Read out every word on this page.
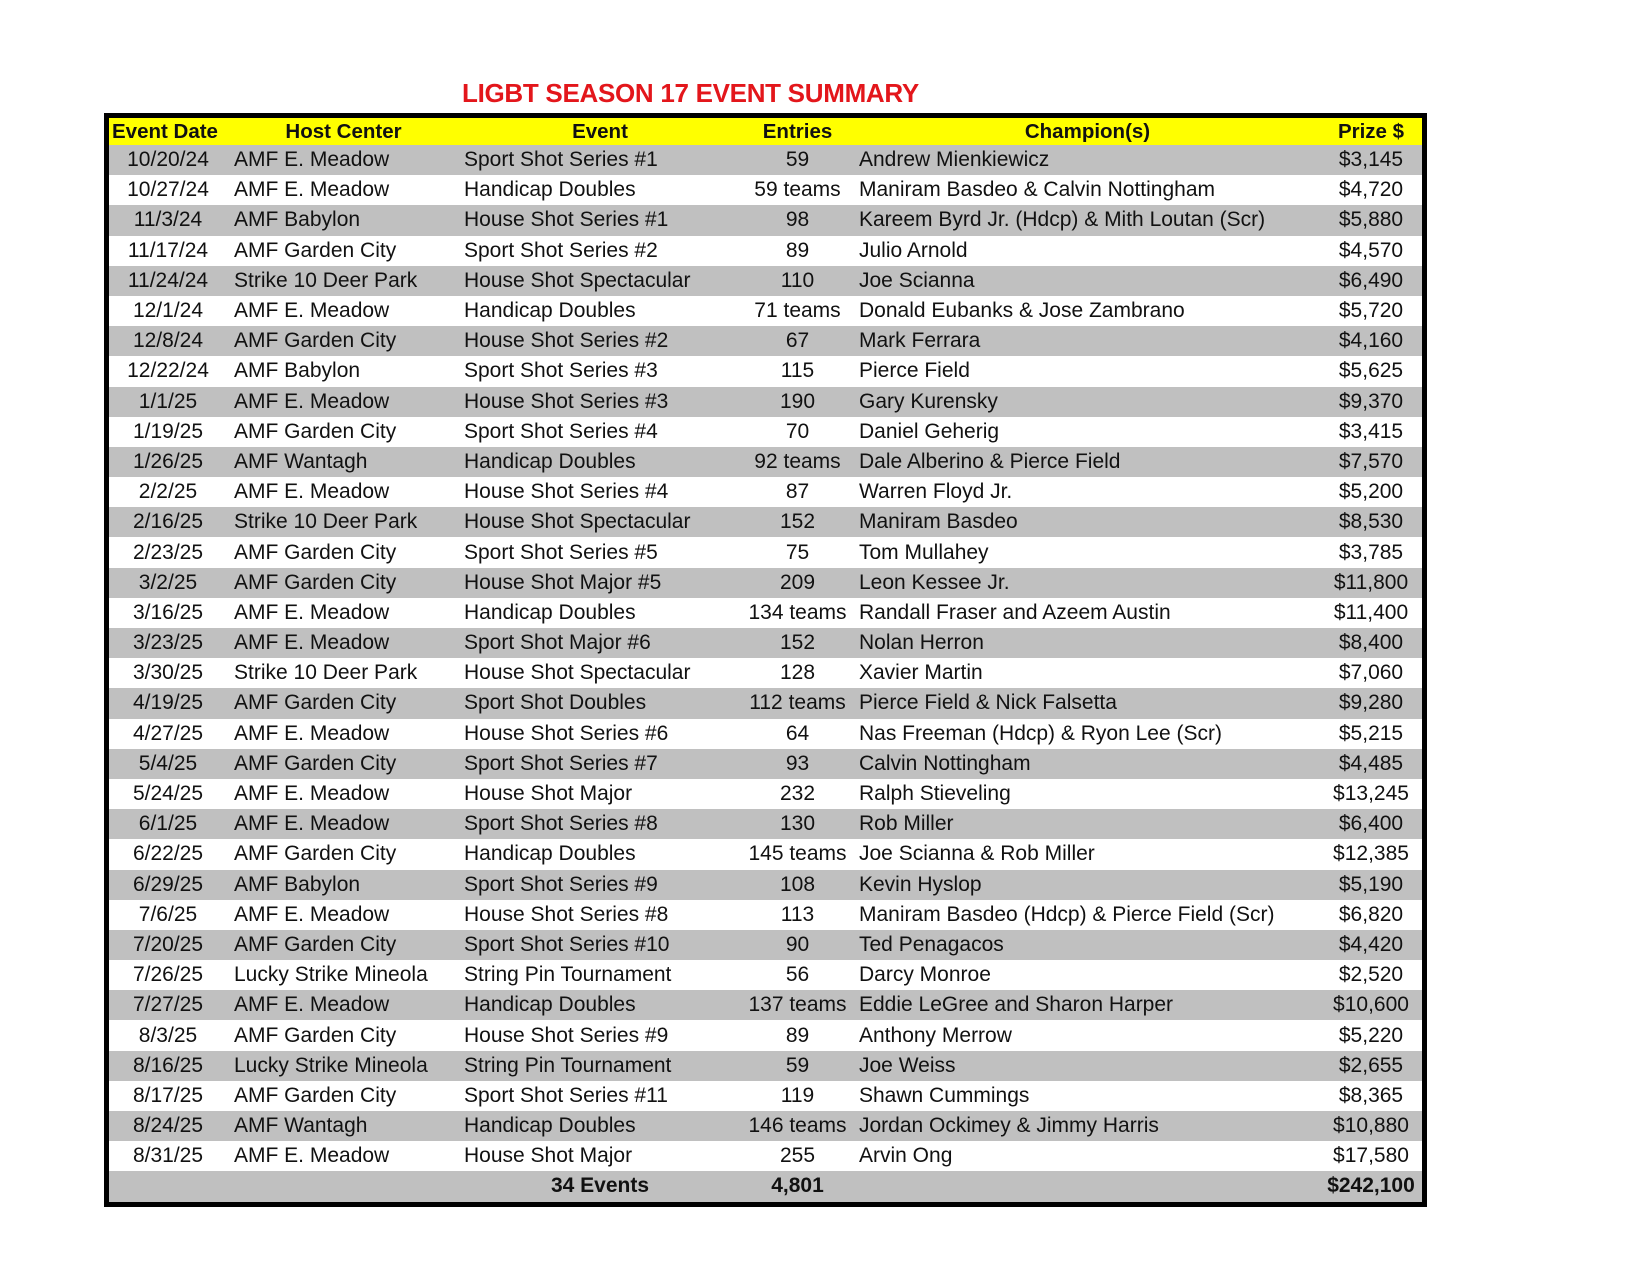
LIGBT SEASON 17 EVENT SUMMARY
Event Date	Host Center	Event	Entries	Champion(s)	Prize $
10/20/24	AMF E. Meadow	Sport Shot Series #1	59	Andrew Mienkiewicz	$3,145
10/27/24	AMF E. Meadow	Handicap Doubles	59 teams	Maniram Basdeo & Calvin Nottingham	$4,720
11/3/24	AMF Babylon	House Shot Series #1	98	Kareem Byrd Jr. (Hdcp) & Mith Loutan (Scr)	$5,880
11/17/24	AMF Garden City	Sport Shot Series #2	89	Julio Arnold	$4,570
11/24/24	Strike 10 Deer Park	House Shot Spectacular	110	Joe Scianna	$6,490
12/1/24	AMF E. Meadow	Handicap Doubles	71 teams	Donald Eubanks & Jose Zambrano	$5,720
12/8/24	AMF Garden City	House Shot Series #2	67	Mark Ferrara	$4,160
12/22/24	AMF Babylon	Sport Shot Series #3	115	Pierce Field	$5,625
1/1/25	AMF E. Meadow	House Shot Series #3	190	Gary Kurensky	$9,370
1/19/25	AMF Garden City	Sport Shot Series #4	70	Daniel Geherig	$3,415
1/26/25	AMF Wantagh	Handicap Doubles	92 teams	Dale Alberino & Pierce Field	$7,570
2/2/25	AMF E. Meadow	House Shot Series #4	87	Warren Floyd Jr.	$5,200
2/16/25	Strike 10 Deer Park	House Shot Spectacular	152	Maniram Basdeo	$8,530
2/23/25	AMF Garden City	Sport Shot Series #5	75	Tom Mullahey	$3,785
3/2/25	AMF Garden City	House Shot Major #5	209	Leon Kessee Jr.	$11,800
3/16/25	AMF E. Meadow	Handicap Doubles	134 teams	Randall Fraser and Azeem Austin	$11,400
3/23/25	AMF E. Meadow	Sport Shot Major #6	152	Nolan Herron	$8,400
3/30/25	Strike 10 Deer Park	House Shot Spectacular	128	Xavier Martin	$7,060
4/19/25	AMF Garden City	Sport Shot Doubles	112 teams	Pierce Field & Nick Falsetta	$9,280
4/27/25	AMF E. Meadow	House Shot Series #6	64	Nas Freeman (Hdcp) & Ryon Lee (Scr)	$5,215
5/4/25	AMF Garden City	Sport Shot Series #7	93	Calvin Nottingham	$4,485
5/24/25	AMF E. Meadow	House Shot Major	232	Ralph Stieveling	$13,245
6/1/25	AMF E. Meadow	Sport Shot Series #8	130	Rob Miller	$6,400
6/22/25	AMF Garden City	Handicap Doubles	145 teams	Joe Scianna & Rob Miller	$12,385
6/29/25	AMF Babylon	Sport Shot Series #9	108	Kevin Hyslop	$5,190
7/6/25	AMF E. Meadow	House Shot Series #8	113	Maniram Basdeo (Hdcp) & Pierce Field (Scr)	$6,820
7/20/25	AMF Garden City	Sport Shot Series #10	90	Ted Penagacos	$4,420
7/26/25	Lucky Strike Mineola	String Pin Tournament	56	Darcy Monroe	$2,520
7/27/25	AMF E. Meadow	Handicap Doubles	137 teams	Eddie LeGree and Sharon Harper	$10,600
8/3/25	AMF Garden City	House Shot Series #9	89	Anthony Merrow	$5,220
8/16/25	Lucky Strike Mineola	String Pin Tournament	59	Joe Weiss	$2,655
8/17/25	AMF Garden City	Sport Shot Series #11	119	Shawn Cummings	$8,365
8/24/25	AMF Wantagh	Handicap Doubles	146 teams	Jordan Ockimey & Jimmy Harris	$10,880
8/31/25	AMF E. Meadow	House Shot Major	255	Arvin Ong	$17,580
		34 Events	4,801		$242,100
